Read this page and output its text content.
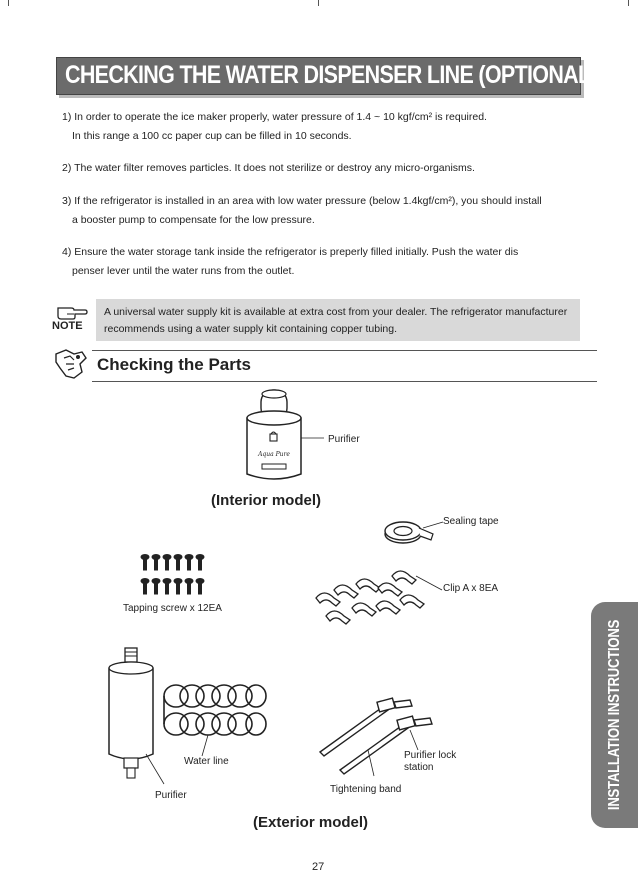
CHECKING THE WATER DISPENSER LINE (OPTIONAL)
1) In order to operate the ice maker properly, water pressure of 1.4 ~ 10 kgf/cm² is required.
In this range a 100 cc paper cup can be filled in 10 seconds.
2) The water filter removes particles. It does not sterilize or destroy any micro-organisms.
3) If the refrigerator is installed in an area with low water pressure (below 1.4kgf/cm²), you should install
a booster pump to compensate for the low pressure.
4) Ensure the water storage tank inside the refrigerator is preperly filled initially. Push the water dis
penser lever until the water runs from the outlet.
NOTE
A universal water supply kit is available at extra cost from your dealer. The refrigerator manufacturer
recommends using a water supply kit containing copper tubing.
Checking the Parts
Aqua Pure
Purifier
(Interior model)
Sealing tape
Tapping screw x 12EA
Clip A x 8EA
Purifier
Water line
Purifier lock
station
Tightening band
(Exterior model)
INSTALLATION INSTRUCTIONS
27
